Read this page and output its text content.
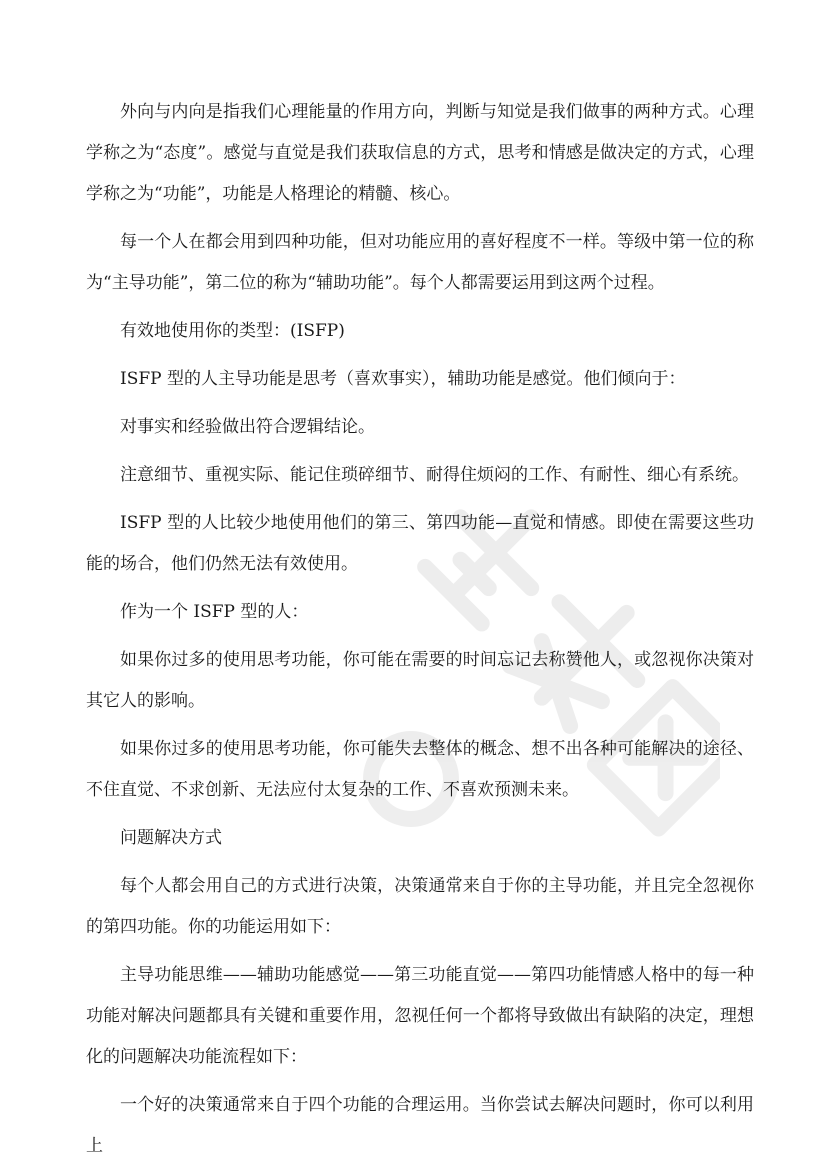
外向与内向是指我们心理能量的作用方向，判断与知觉是我们做事的两种方式。心理学称之为“态度”。感觉与直觉是我们获取信息的方式，思考和情感是做决定的方式，心理学称之为“功能”，功能是人格理论的精髓、核心。

每一个人在都会用到四种功能，但对功能应用的喜好程度不一样。等级中第一位的称为“主导功能”，第二位的称为“辅助功能”。每个人都需要运用到这两个过程。

有效地使用你的类型：(ISFP)

ISFP 型的人主导功能是思考（喜欢事实），辅助功能是感觉。他们倾向于：

对事实和经验做出符合逻辑结论。

注意细节、重视实际、能记住琐碎细节、耐得住烦闷的工作、有耐性、细心有系统。

ISFP 型的人比较少地使用他们的第三、第四功能—直觉和情感。即使在需要这些功能的场合，他们仍然无法有效使用。

作为一个 ISFP 型的人：

如果你过多的使用思考功能，你可能在需要的时间忘记去称赞他人，或忽视你决策对其它人的影响。

如果你过多的使用思考功能，你可能失去整体的概念、想不出各种可能解决的途径、不住直觉、不求创新、无法应付太复杂的工作、不喜欢预测未来。

问题解决方式

每个人都会用自己的方式进行决策，决策通常来自于你的主导功能，并且完全忽视你的第四功能。你的功能运用如下：

主导功能思维——辅助功能感觉——第三功能直觉——第四功能情感人格中的每一种功能对解决问题都具有关键和重要作用，忽视任何一个都将导致做出有缺陷的决定，理想化的问题解决功能流程如下：

一个好的决策通常来自于四个功能的合理运用。当你尝试去解决问题时，你可以利用上
